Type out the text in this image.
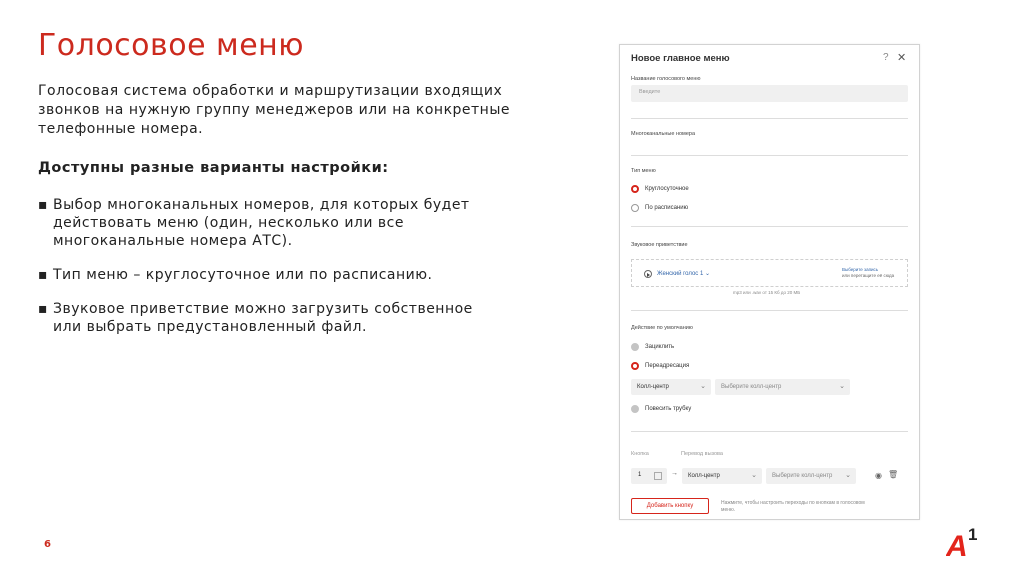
Голосовое меню
Голосовая система обработки и маршрутизации входящих звонков на нужную группу менеджеров или на конкретные телефонные номера.
Доступны разные варианты настройки:
▪ Выбор многоканальных номеров, для которых будет действовать меню (один, несколько или все многоканальные номера АТС).
▪ Тип меню – круглосуточное или по расписанию.
▪ Звуковое приветствие можно загрузить собственное или выбрать предустановленный файл.
6	A 1
Новое главное меню	? ✕
Название голосового меню
Введите
Многоканальные номера
Тип меню
Круглосуточное
По расписанию
Звуковое приветствие
Женский голос 1 ⌄
Выберите запись
или перетащите её сюда
mp3 или .wav от 15 Кб до 20 МБ
Действие по умолчанию
Зациклить
Переадресация
Колл-центр	⌄	Выберите колл-центр	⌄
Повесить трубку
Кнопка	Перевод вызова
1	→ Колл-центр	⌄	Выберите колл-центр ⌄	◉ 🗑
Добавить кнопку	Нажмите, чтобы настроить переходы по кнопкам в голосовом меню.
